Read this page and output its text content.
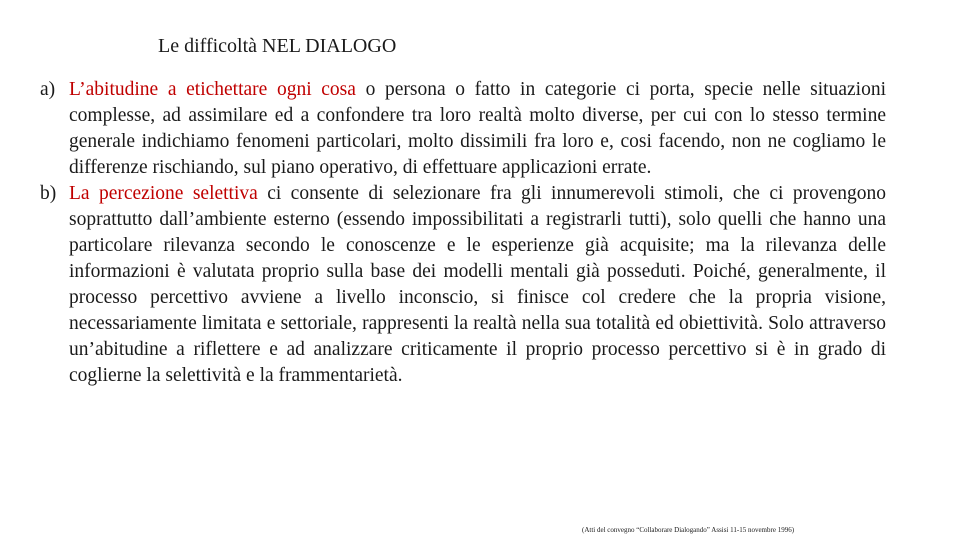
Le difficoltà NEL DIALOGO
a) L’abitudine a etichettare ogni cosa o persona o fatto in categorie ci porta, specie nelle situazioni complesse, ad assimilare ed a confondere tra loro realtà molto diverse, per cui con lo stesso termine generale indichiamo fenomeni particolari, molto dissimili fra loro e, cosi facendo, non ne cogliamo le differenze rischiando, sul piano operativo, di effettuare applicazioni errate.
b) La percezione selettiva ci consente di selezionare fra gli innumerevoli stimoli, che ci provengono soprattutto dall’ambiente esterno (essendo impossibilitati a registrarli tutti), solo quelli che hanno una particolare rilevanza secondo le conoscenze e le esperienze già acquisite; ma la rilevanza delle informazioni è valutata proprio sulla base dei modelli mentali già posseduti. Poiché, generalmente, il processo percettivo avviene a livello inconscio, si finisce col credere che la propria visione, necessariamente limitata e settoriale, rappresenti la realtà nella sua totalità ed obiettività. Solo attraverso un’abitudine a riflettere e ad analizzare criticamente il proprio processo percettivo si è in grado di coglierne la selettività e la frammentarietà.
(Atti del convegno “Collaborare Dialogando” Assisi 11-15 novembre 1996)
